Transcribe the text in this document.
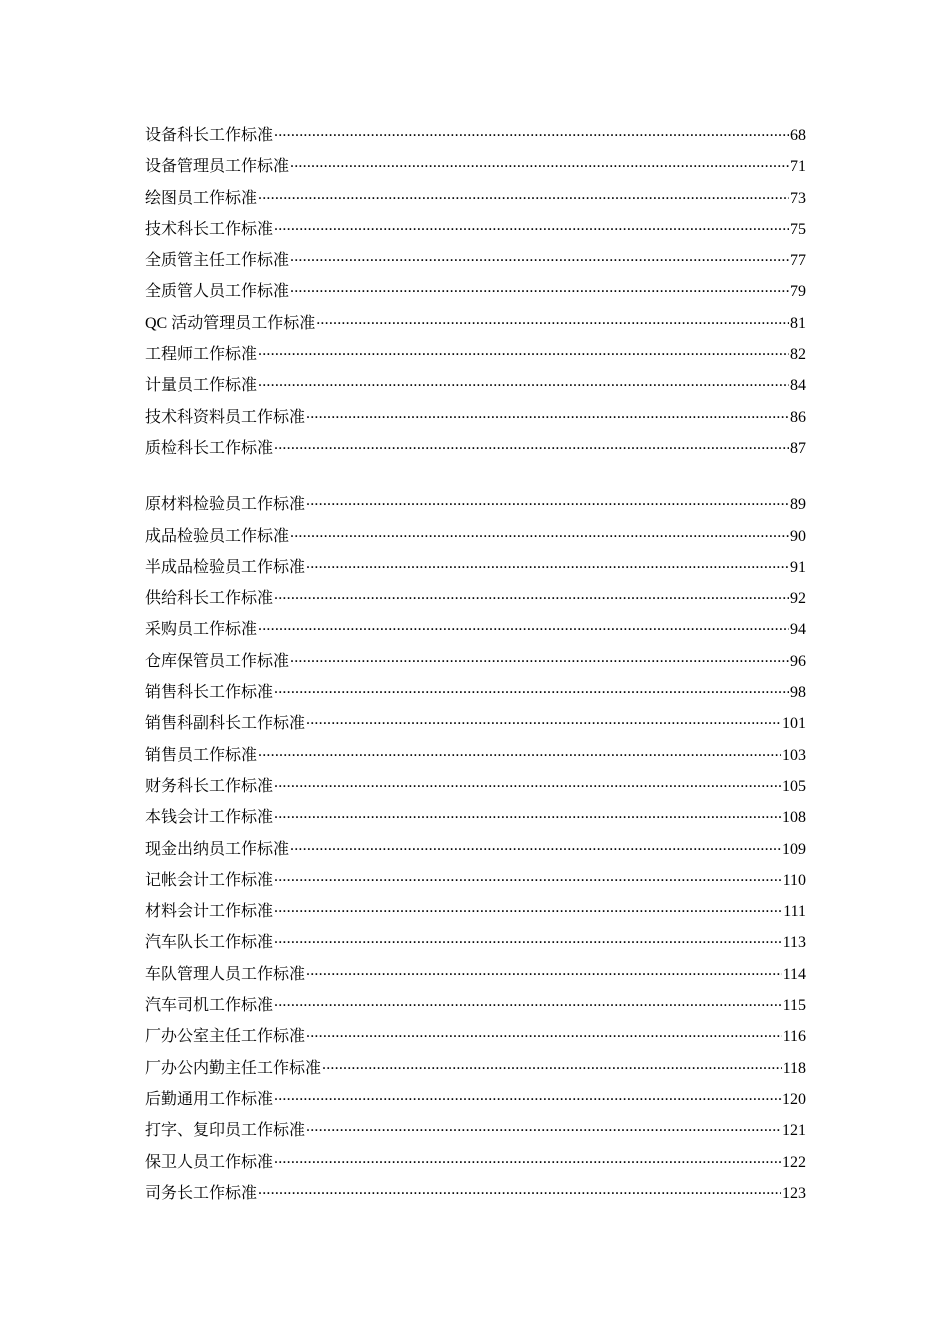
设备科长工作标准 .....	68
设备管理员工作标准 .....	71
绘图员工作标准 .....	73
技术科长工作标准 .....	75
全质管主任工作标准 .....	77
全质管人员工作标准 .....	79
QC 活动管理员工作标准 .....	81
工程师工作标准 .....	82
计量员工作标准 .....	84
技术科资料员工作标准 .....	86
质检科长工作标准 .....	87
原材料检验员工作标准 .....	89
成品检验员工作标准 .....	90
半成品检验员工作标准 .....	91
供给科长工作标准 .....	92
采购员工作标准 .....	94
仓库保管员工作标准 .....	96
销售科长工作标准 .....	98
销售科副科长工作标准 .....	101
销售员工作标准 .....	103
财务科长工作标准 .....	105
本钱会计工作标准 .....	108
现金出纳员工作标准 .....	109
记帐会计工作标准 .....	110
材料会计工作标准 .....	111
汽车队长工作标准 .....	113
车队管理人员工作标准 .....	114
汽车司机工作标准 .....	115
厂办公室主任工作标准 .....	116
厂办公内勤主任工作标准 .....	118
后勤通用工作标准 .....	120
打字、复印员工作标准 .....	121
保卫人员工作标准 .....	122
司务长工作标准 .....	123
